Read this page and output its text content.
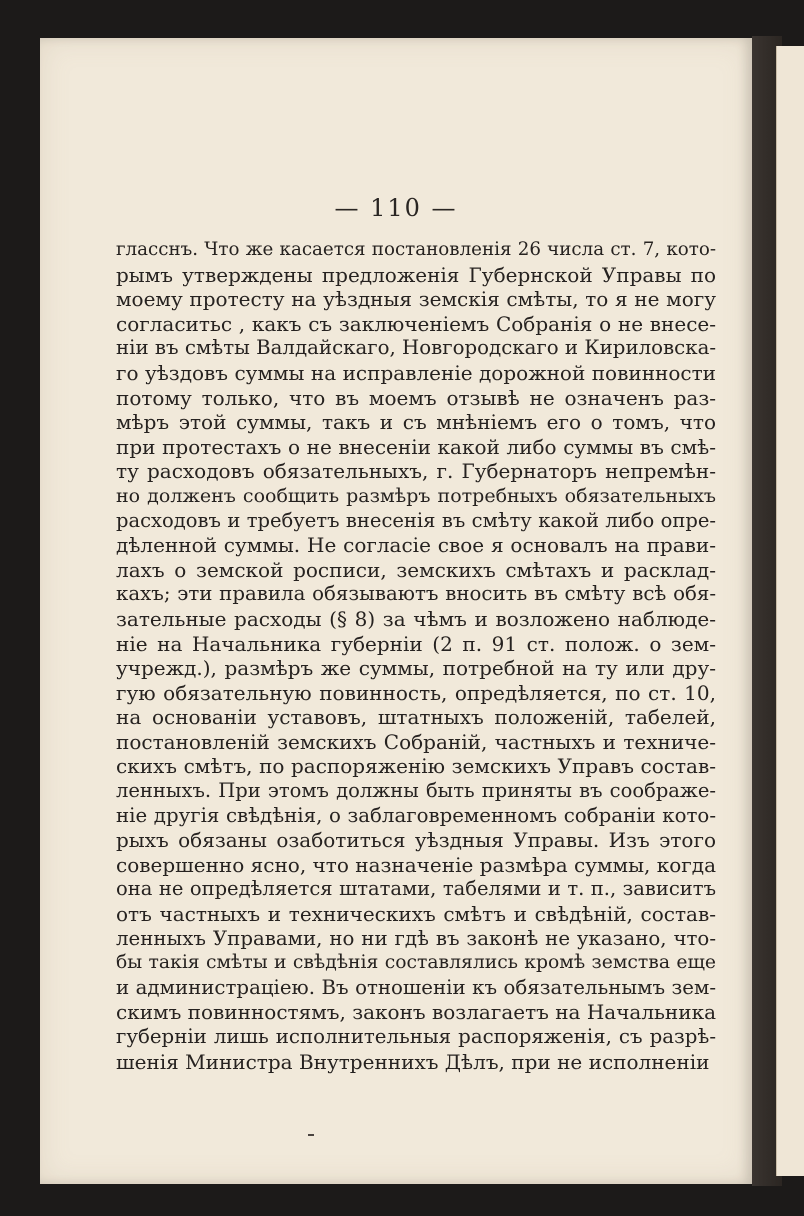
— 110 —
гласснъ. Что же касается постановленія 26 числа ст. 7, кото-
рымъ утверждены предложенія Губернской Управы по
моему протесту на уѣздныя земскія смѣты, то я не могу
согласитьс , какъ съ заключеніемъ Собранія о не внесе-
ніи въ смѣты Валдайскаго, Новгородскаго и Кириловска-
го уѣздовъ суммы на исправленіе дорожной повинности
потому только, что въ моемъ отзывѣ не означенъ раз-
мѣръ этой суммы, такъ и съ мнѣніемъ его о томъ, что
при протестахъ о не внесеніи какой либо суммы въ смѣ-
ту расходовъ обязательныхъ, г. Губернаторъ непремѣн-
но долженъ сообщить размѣръ потребныхъ обязательныхъ
расходовъ и требуетъ внесенія въ смѣту какой либо опре-
дѣленной суммы. Не согласіе свое я основалъ на прави-
лахъ о земской росписи, земскихъ смѣтахъ и расклад-
кахъ; эти правила обязываютъ вносить въ смѣту всѣ обя-
зательные расходы (§ 8) за чѣмъ и возложено наблюде-
ніе на Начальника губерніи (2 п. 91 ст. полож. о зем-
учрежд.), размѣръ же суммы, потребной на ту или дру-
гую обязательную повинность, опредѣляется, по ст. 10,
на основаніи уставовъ, штатныхъ положеній, табелей,
постановленій земскихъ Собраній, частныхъ и техниче-
скихъ смѣтъ, по распоряженію земскихъ Управъ состав-
ленныхъ. При этомъ должны быть приняты въ соображе-
ніе другія свѣдѣнія, о заблаговременномъ собраніи кото-
рыхъ обязаны озаботиться уѣздныя Управы. Изъ этого
совершенно ясно, что назначеніе размѣра суммы, когда
она не опредѣляется штатами, табелями и т. п., зависитъ
отъ частныхъ и техническихъ смѣтъ и свѣдѣній, состав-
ленныхъ Управами, но ни гдѣ въ законѣ не указано, что-
бы такія смѣты и свѣдѣнія составлялись кромѣ земства еще
и администраціею. Въ отношеніи къ обязательнымъ зем-
скимъ повинностямъ, законъ возлагаетъ на Начальника
губерніи лишь исполнительныя распоряженія, съ разрѣ-
шенія Министра Внутреннихъ Дѣлъ, при не исполненіи
